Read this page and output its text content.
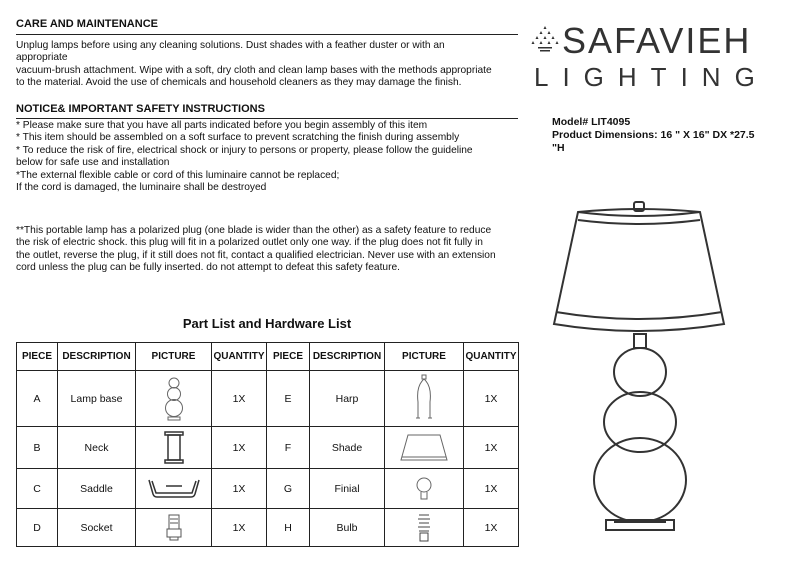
CARE AND MAINTENANCE
Unplug lamps before using any cleaning solutions. Dust shades with a feather duster or with an
appropriate
vacuum-brush attachment. Wipe with a soft, dry cloth and clean lamp bases with the methods appropriate
to the material. Avoid the use of chemicals and household cleaners as they may damage the finish.
NOTICE& IMPORTANT SAFETY INSTRUCTIONS
* Please make sure that you have all parts indicated before you begin assembly of this item
* This item should be assembled on a soft surface to prevent scratching the finish during assembly
* To reduce the risk of fire, electrical shock or injury to persons or property, please follow the guideline
below for safe use and installation
*The external flexible cable or cord of this luminaire cannot be replaced;
If the cord is damaged, the luminaire shall be destroyed
**This portable lamp has a polarized plug (one blade is wider than the other) as a safety feature to reduce
the risk of electric shock. this plug will fit in a polarized outlet only one way. if the plug does not fit fully in
the outlet, reverse the plug, if it still does not fit, contact a qualified electrician. Never use with an extension
cord unless the plug can be fully inserted. do not attempt to defeat this safety feature.
SAFAVIEH
LIGHTING
Model# LIT4095
Product Dimensions: 16 " X 16" DX *27.5
"H
Part List and Hardware List
PIECE	DESCRIPTION	PICTURE	QUANTITY	PIECE	DESCRIPTION	PICTURE	QUANTITY
A	Lamp base		1X	E	Harp		1X
B	Neck		1X	F	Shade		1X
C	Saddle		1X	G	Finial		1X
D	Socket		1X	H	Bulb		1X
